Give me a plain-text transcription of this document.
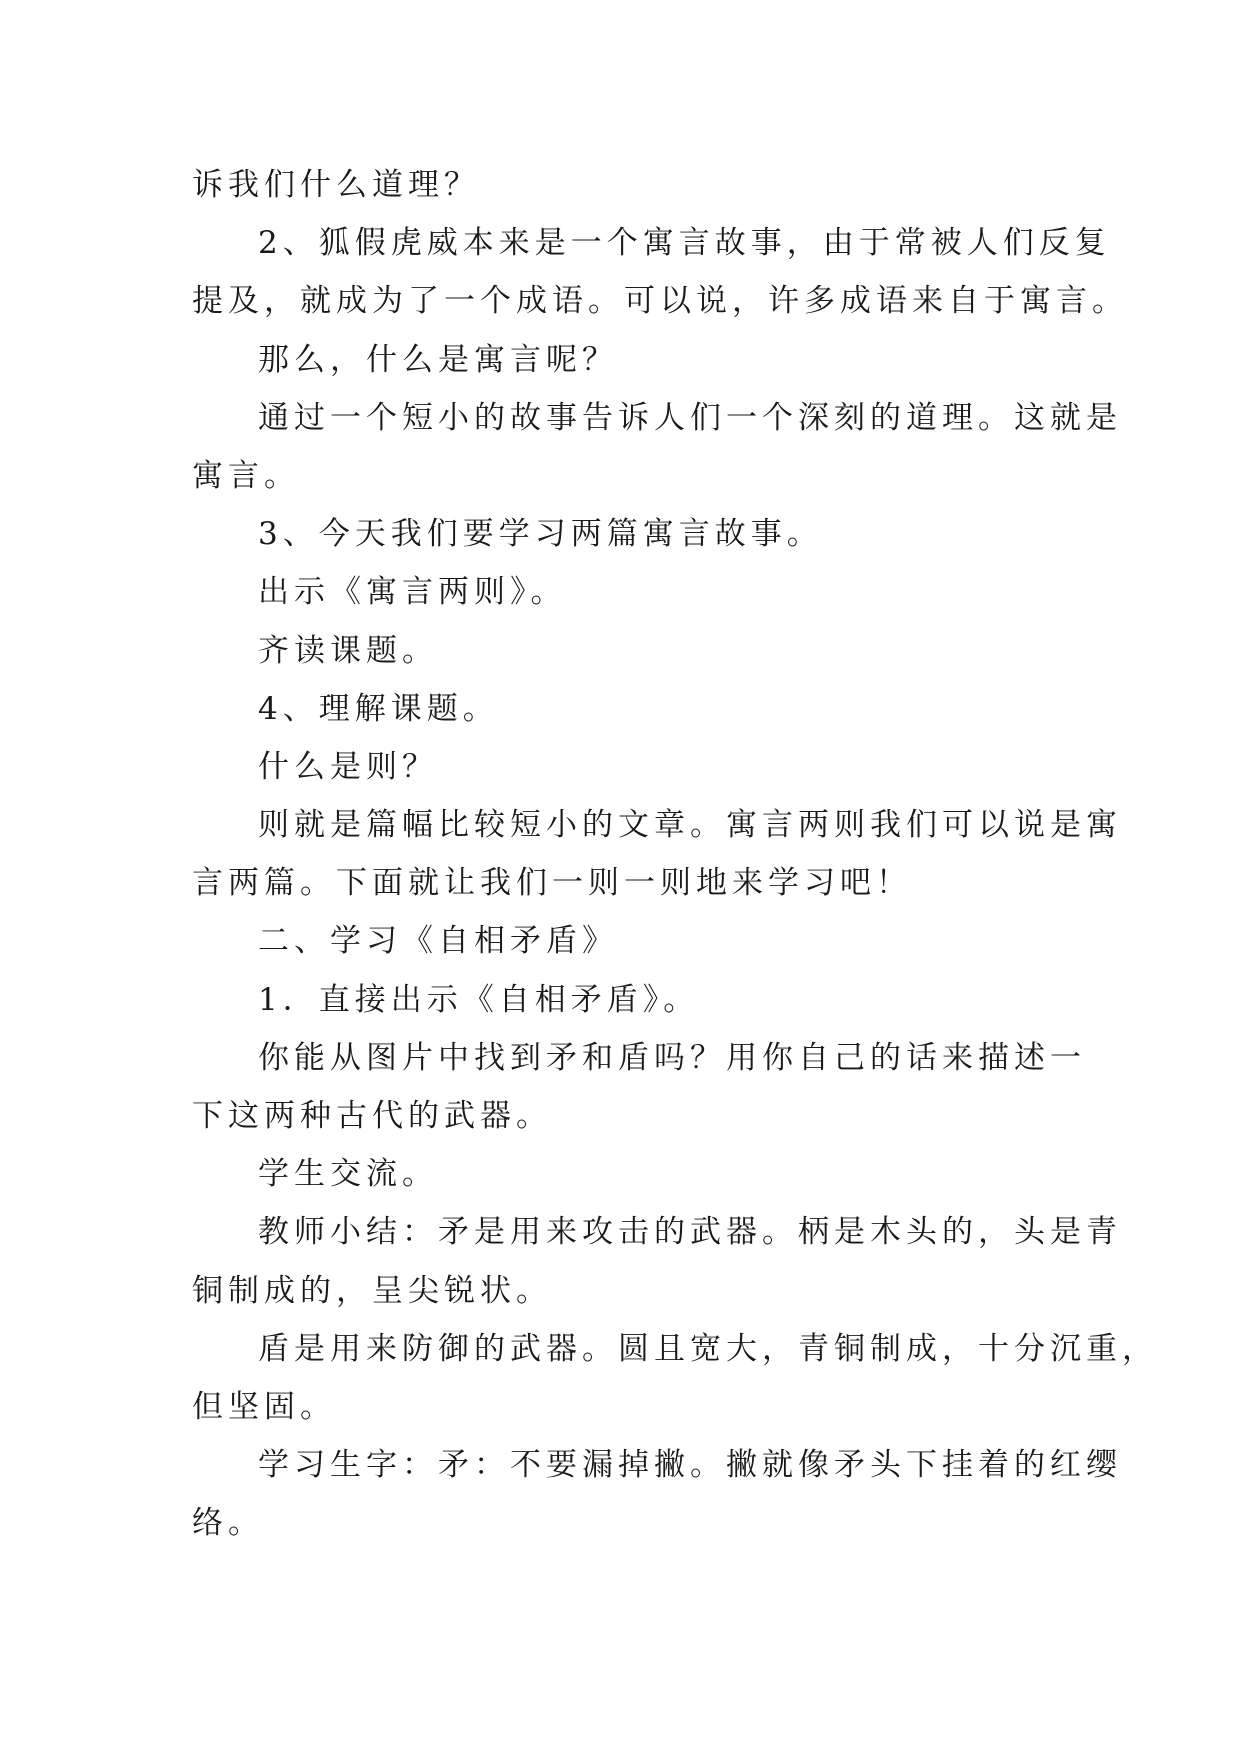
诉我们什么道理？
2、狐假虎威本来是一个寓言故事，由于常被人们反复
提及，就成为了一个成语。可以说，许多成语来自于寓言。
那么，什么是寓言呢？
通过一个短小的故事告诉人们一个深刻的道理。这就是
寓言。
3、今天我们要学习两篇寓言故事。
出示《寓言两则》。
齐读课题。
4、理解课题。
什么是则？
则就是篇幅比较短小的文章。寓言两则我们可以说是寓
言两篇。下面就让我们一则一则地来学习吧！
二、学习《自相矛盾》
1．直接出示《自相矛盾》。
你能从图片中找到矛和盾吗？用你自己的话来描述一
下这两种古代的武器。
学生交流。
教师小结：矛是用来攻击的武器。柄是木头的，头是青
铜制成的，呈尖锐状。
盾是用来防御的武器。圆且宽大，青铜制成，十分沉重，
但坚固。
学习生字：矛：不要漏掉撇。撇就像矛头下挂着的红缨
络。
